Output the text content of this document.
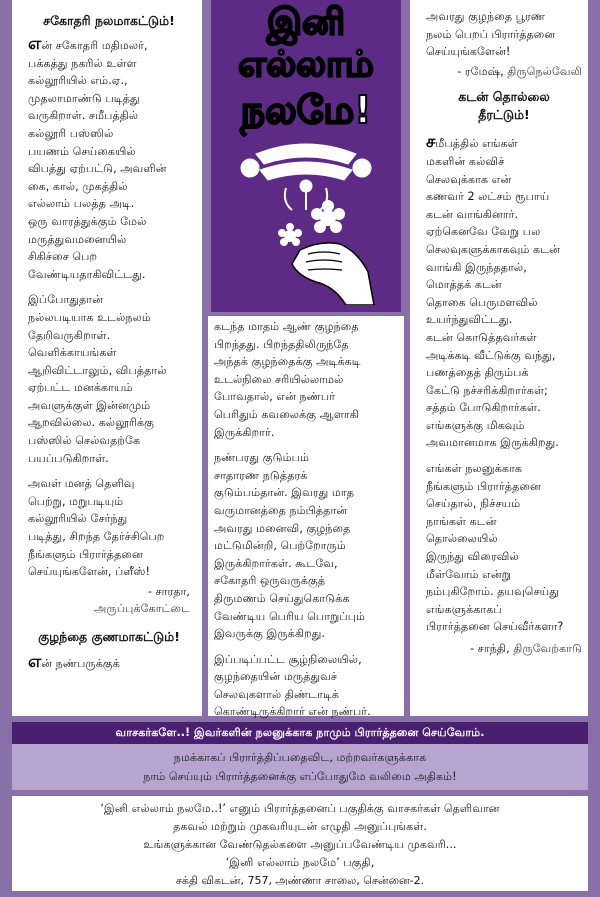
சகோதரி நலமாகட்டும்!
என் சகோதரி மதிமலர்,
பக்கத்து நகரில் உள்ள
கல்லூரியில் எம்.ஏ.,
முதலாமாண்டு படித்து
வருகிறாள். சமீபத்தில்
கல்லூரி பஸ்ஸில்
பயணம் செய்கையில்
விபத்து ஏற்பட்டு, அவளின்
கை, கால், முகத்தில்
எல்லாம் பலத்த அடி.
ஒரு வாரத்துக்கும் மேல்
மருத்துவமனையில்
சிகிச்சை பெற
வேண்டியதாகிவிட்டது.
இப்போதுதான்
நல்லபடியாக உடல்நலம்
தேறிவருகிறாள்.
வெளிக்காயங்கள்
ஆறிவிட்டாலும், விபத்தால்
ஏற்பட்ட மனக்காயம்
அவளுக்குள் இன்னமும்
ஆறவில்லை. கல்லூரிக்கு
பஸ்ஸில் செல்வதற்கே
பயப்படுகிறாள்.
அவள் மனத் தெளிவு
பெற்று, மறுபடியும்
கல்லூரியில் சேர்ந்து
படித்து, சிறந்த தேர்ச்சிபெற
நீங்களும் பிரார்த்தனை
செய்யுங்களேன், ப்ளீஸ்!
- சாரதா,
அருப்புக்கோட்டை
குழந்தை குணமாகட்டும்!
என் நண்பருக்குக்
இனி
எல்லாம்
நலமே!
கடந்த மாதம் ஆண் குழந்தை
பிறந்தது. பிறந்ததிலிருந்தே
அந்தக் குழந்தைக்கு அடிக்கடி
உடல்நிலை சரியில்லாமல்
போவதால், என் நண்பர்
பெரிதும் கவலைக்கு ஆளாகி
இருக்கிறார்.
நண்பரது குடும்பம்
சாதாரண நடுத்தரக்
குடும்பம்தான். இவரது மாத
வருமானத்தை நம்பித்தான்
அவரது மனைவி, குழந்தை
மட்டுமின்றி, பெற்றோரும்
இருக்கிறார்கள். கூடவே,
சகோதரி ஒருவருக்குத்
திருமணம் செய்துகொடுக்க
வேண்டிய பெரிய பொறுப்பும்
இவருக்கு இருக்கிறது.
இப்படிப்பட்ட சூழ்நிலையில்,
குழந்தையின் மருத்துவச்
செலவுகளால் திண்டாடிக்
கொண்டிருக்கிறார் என் நண்பர்.
அவரது குழந்தை பூரண
நலம் பெறப் பிரார்த்தனை
செய்யுங்களேன்!
- ரமேஷ், திருநெல்வேலி
கடன் தொல்லை
தீரட்டும்!
சமீபத்தில் எங்கள்
மகளின் கல்விச்
செலவுக்காக என்
கணவர் 2 லட்சம் ரூபாய்
கடன் வாங்கினார்.
ஏற்கெனவே வேறு பல
செலவுகளுக்காகவும் கடன்
வாங்கி இருந்ததால்,
மொத்தக் கடன்
தொகை பெருமளவில்
உயர்ந்துவிட்டது.
கடன் கொடுத்தவர்கள்
அடிக்கடி வீட்டுக்கு வந்து,
பணத்தைத் திரும்பக்
கேட்டு நச்சரிக்கிறார்கள்;
சத்தம் போடுகிறார்கள்.
எங்களுக்கு மிகவும்
அவமானமாக இருக்கிறது.
எங்கள் நலனுக்காக
நீங்களும் பிரார்த்தனை
செய்தால், நிச்சயம்
நாங்கள் கடன்
தொல்லையில்
இருந்து விரைவில்
மீள்வோம் என்று
நம்புகிறோம். தயவுசெய்து
எங்களுக்காகப்
பிரார்த்தனை செய்வீர்களா?
- சாந்தி, திருவேற்காடு
வாசகர்களே..! இவர்களின் நலனுக்காக நாமும் பிரார்த்தனை செய்வோம்.
நமக்காகப் பிரார்த்திப்பதைவிட, மற்றவர்களுக்காக
நாம் செய்யும் பிரார்த்தனைக்கு எப்போதுமே வலிமை அதிகம்!
‘இனி எல்லாம் நலமே..!’ எனும் பிரார்த்தனைப் பகுதிக்கு வாசகர்கள் தெளிவான
தகவல் மற்றும் முகவரியுடன் எழுதி அனுப்புங்கள்.
உங்களுக்கான வேண்டுதல்களை அனுப்பவேண்டிய முகவரி...
‘இனி எல்லாம் நலமே’ பகுதி,
சக்தி விகடன், 757, அண்ணா சாலை, சென்னை-2.
